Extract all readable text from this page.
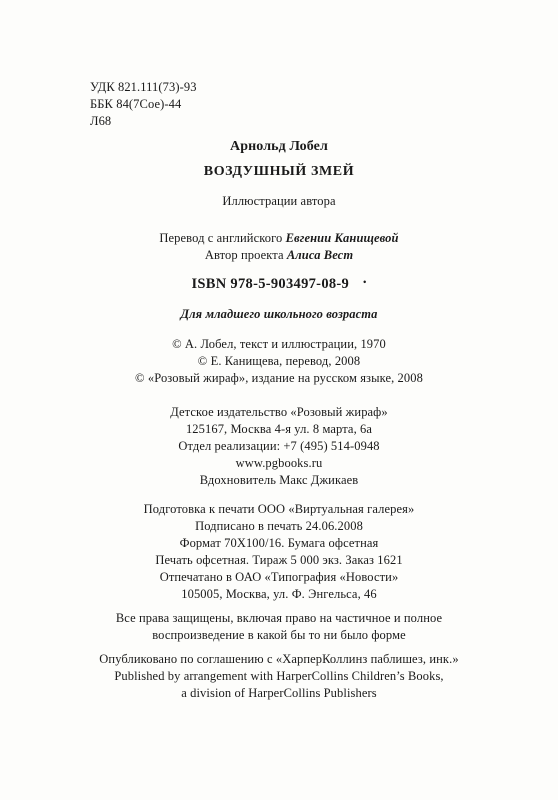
УДК 821.111(73)-93
ББК 84(7Сое)-44
Л68
Арнольд Лобел
ВОЗДУШНЫЙ ЗМЕЙ
Иллюстрации автора
Перевод с английского Евгении Канищевой
Автор проекта Алиса Вест
ISBN 978-5-903497-08-9 •
Для младшего школьного возраста
© А. Лобел, текст и иллюстрации, 1970
© Е. Канищева, перевод, 2008
© «Розовый жираф», издание на русском языке, 2008
Детское издательство «Розовый жираф»
125167, Москва 4-я ул. 8 марта, 6а
Отдел реализации: +7 (495) 514-0948
www.pgbooks.ru
Вдохновитель Макс Джикаев
Подготовка к печати ООО «Виртуальная галерея»
Подписано в печать 24.06.2008
Формат 70Х100/16. Бумага офсетная
Печать офсетная. Тираж 5 000 экз. Заказ 1621
Отпечатано в ОАО «Типография «Новости»
105005, Москва, ул. Ф. Энгельса, 46
Все права защищены, включая право на частичное и полное
воспроизведение в какой бы то ни было форме
Опубликовано по соглашению с «ХарперКоллинз паблишез, инк.»
Published by arrangement with HarperCollins Children’s Books,
a division of HarperCollins Publishers
